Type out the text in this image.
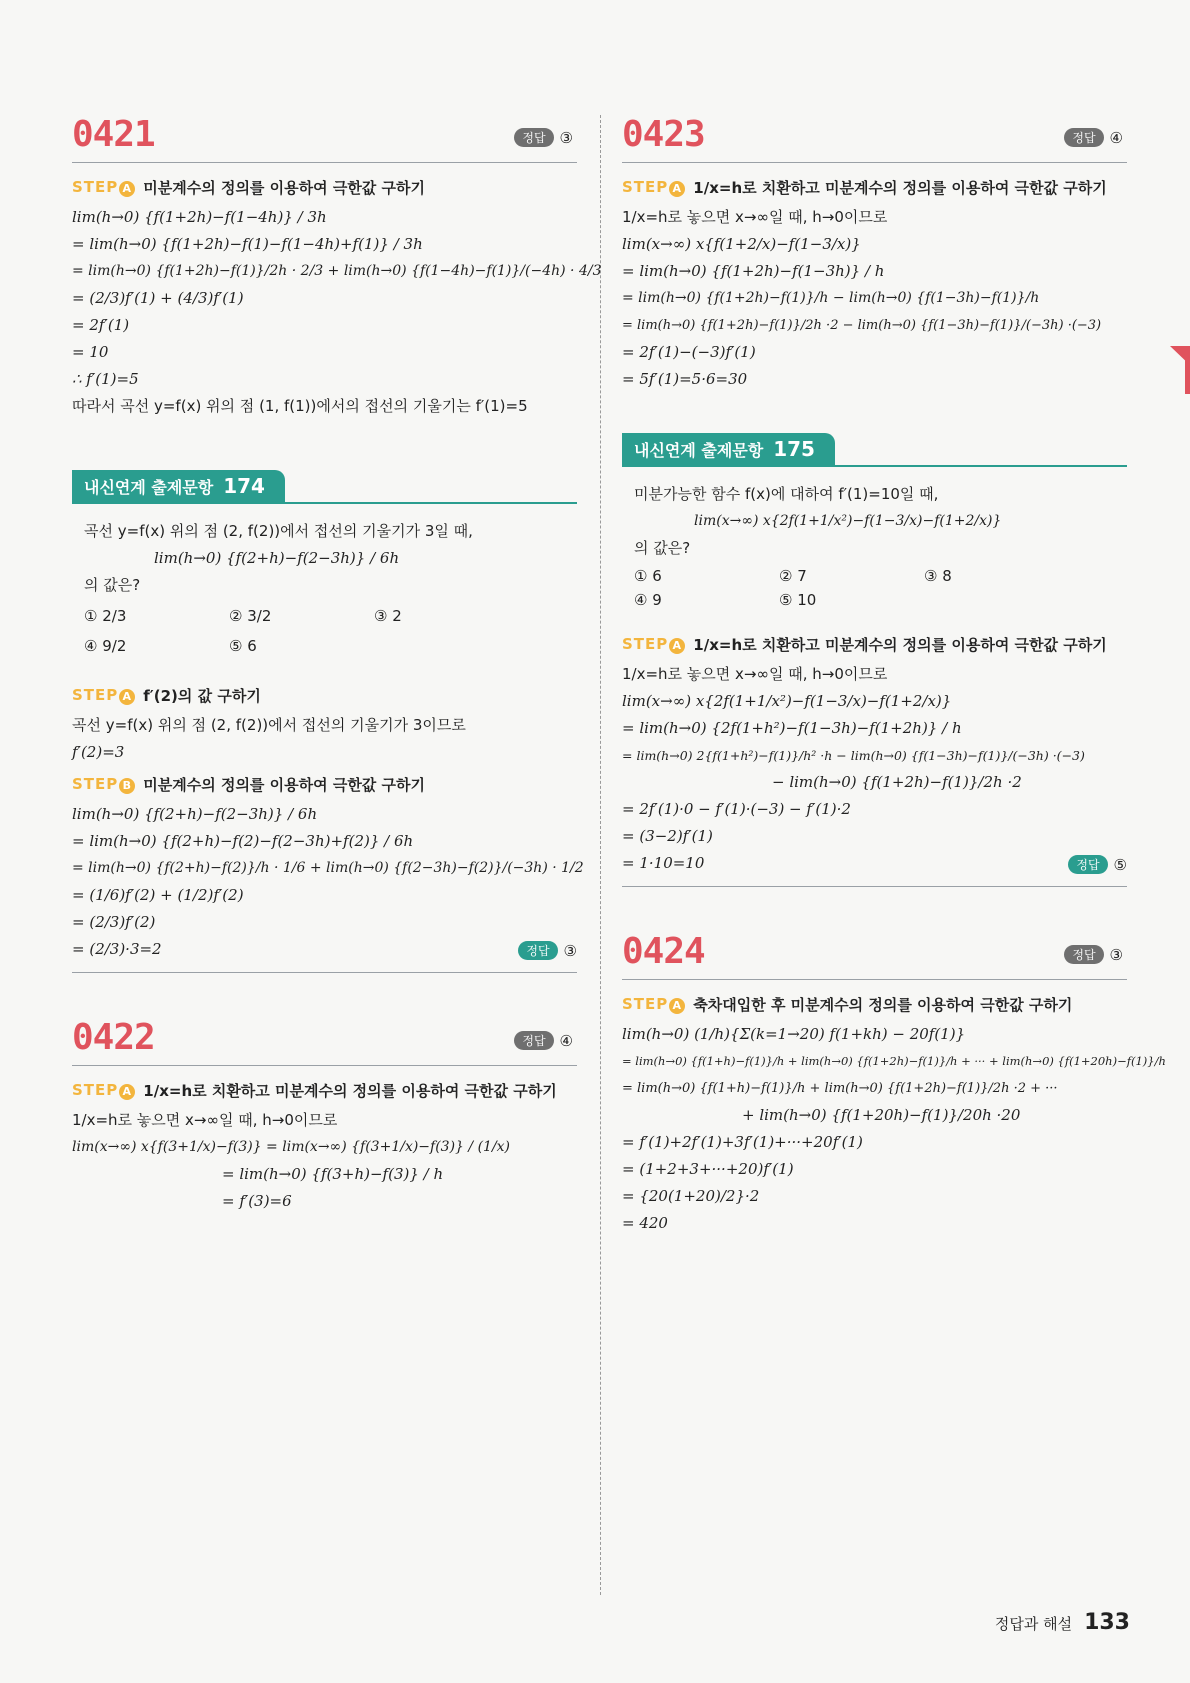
0421	정답 ③
STEP A 미분계수의 정의를 이용하여 극한값 구하기
lim(h→0) {f(1+2h)−f(1−4h)} / 3h
= lim(h→0) {f(1+2h)−f(1)−f(1−4h)+f(1)} / 3h
= lim(h→0) {f(1+2h)−f(1)}/2h · 2/3 + lim(h→0) {f(1−4h)−f(1)}/(−4h) · 4/3
= (2/3)f′(1) + (4/3)f′(1)
= 2f′(1)
= 10
∴ f′(1)=5
따라서 곡선 y=f(x) 위의 점 (1, f(1))에서의 접선의 기울기는 f′(1)=5
내신연계 출제문항 174
곡선 y=f(x) 위의 점 (2, f(2))에서 접선의 기울기가 3일 때,
lim(h→0) {f(2+h)−f(2−3h)} / 6h
의 값은?
① 2/3	② 3/2	③ 2
④ 9/2	⑤ 6
STEP A f′(2)의 값 구하기
곡선 y=f(x) 위의 점 (2, f(2))에서 접선의 기울기가 3이므로
f′(2)=3
STEP B 미분계수의 정의를 이용하여 극한값 구하기
lim(h→0) {f(2+h)−f(2−3h)} / 6h
= lim(h→0) {f(2+h)−f(2)−f(2−3h)+f(2)} / 6h
= lim(h→0) {f(2+h)−f(2)}/h · 1/6 + lim(h→0) {f(2−3h)−f(2)}/(−3h) · 1/2
= (1/6)f′(2) + (1/2)f′(2)
= (2/3)f′(2)
= (2/3)·3=2	정답 ③
0422	정답 ④
STEP A 1/x=h로 치환하고 미분계수의 정의를 이용하여 극한값 구하기
1/x=h로 놓으면 x→∞일 때, h→0이므로
lim(x→∞) x{f(3+1/x)−f(3)} = lim(x→∞) {f(3+1/x)−f(3)} / (1/x)
= lim(h→0) {f(3+h)−f(3)} / h
= f′(3)=6
0423	정답 ④
STEP A 1/x=h로 치환하고 미분계수의 정의를 이용하여 극한값 구하기
1/x=h로 놓으면 x→∞일 때, h→0이므로
lim(x→∞) x{f(1+2/x)−f(1−3/x)}
= lim(h→0) {f(1+2h)−f(1−3h)} / h
= lim(h→0) {f(1+2h)−f(1)}/h − lim(h→0) {f(1−3h)−f(1)}/h
= lim(h→0) {f(1+2h)−f(1)}/2h ·2 − lim(h→0) {f(1−3h)−f(1)}/(−3h) ·(−3)
= 2f′(1)−(−3)f′(1)
= 5f′(1)=5·6=30
내신연계 출제문항 175
미분가능한 함수 f(x)에 대하여 f′(1)=10일 때,
lim(x→∞) x{2f(1+1/x²)−f(1−3/x)−f(1+2/x)}
의 값은?
① 6	② 7	③ 8
④ 9	⑤ 10
STEP A 1/x=h로 치환하고 미분계수의 정의를 이용하여 극한값 구하기
1/x=h로 놓으면 x→∞일 때, h→0이므로
lim(x→∞) x{2f(1+1/x²)−f(1−3/x)−f(1+2/x)}
= lim(h→0) {2f(1+h²)−f(1−3h)−f(1+2h)} / h
= lim(h→0) 2{f(1+h²)−f(1)}/h² ·h − lim(h→0) {f(1−3h)−f(1)}/(−3h) ·(−3)
− lim(h→0) {f(1+2h)−f(1)}/2h ·2
= 2f′(1)·0 − f′(1)·(−3) − f′(1)·2
= (3−2)f′(1)
= 1·10=10	정답 ⑤
0424	정답 ③
STEP A 축차대입한 후 미분계수의 정의를 이용하여 극한값 구하기
lim(h→0) (1/h){Σ(k=1→20) f(1+kh) − 20f(1)}
= lim(h→0) {f(1+h)−f(1)}/h + lim(h→0) {f(1+2h)−f(1)}/h + ··· + lim(h→0) {f(1+20h)−f(1)}/h
= lim(h→0) {f(1+h)−f(1)}/h + lim(h→0) {f(1+2h)−f(1)}/2h ·2 + ···
+ lim(h→0) {f(1+20h)−f(1)}/20h ·20
= f′(1)+2f′(1)+3f′(1)+···+20f′(1)
= (1+2+3+···+20)f′(1)
= {20(1+20)/2}·2
= 420
정답과 해설 133
